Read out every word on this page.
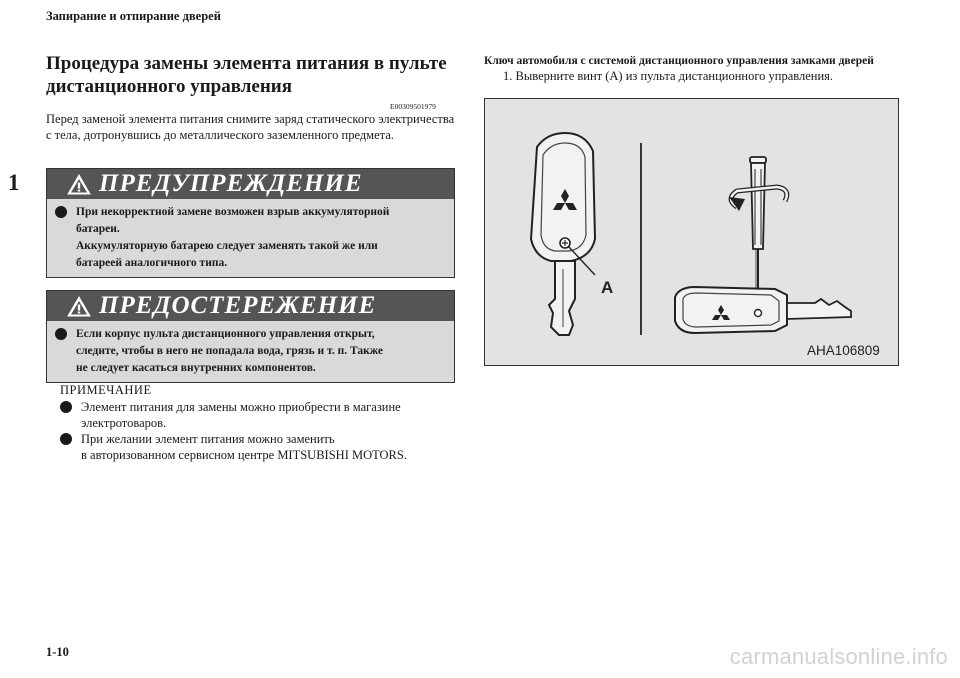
Запирание и отпирание дверей
1
Процедура замены элемента питания в пульте дистанционного управления
E00309501979
Перед заменой элемента питания снимите заряд статического электричества с тела, дотронувшись до металлического заземленного предмета.
ПРЕДУПРЕЖДЕНИЕ
При некорректной замене возможен взрыв аккумуляторной
батареи.
Аккумуляторную батарею следует заменять такой же или
батареей аналогичного типа.
ПРЕДОСТЕРЕЖЕНИЕ
Если корпус пульта дистанционного управления открыт,
следите, чтобы в него не попадала вода, грязь и т. п. Также
не следует касаться внутренних компонентов.
ПРИМЕЧАНИЕ
Элемент питания для замены можно приобрести в магазине
электротоваров.
При желании элемент питания можно заменить
в авторизованном сервисном центре MITSUBISHI MOTORS.
Ключ автомобиля с системой дистанционного управления замками дверей
1. Выверните винт (A) из пульта дистанционного управления.
A
AHA106809
1-10	carmanualsonline.info
